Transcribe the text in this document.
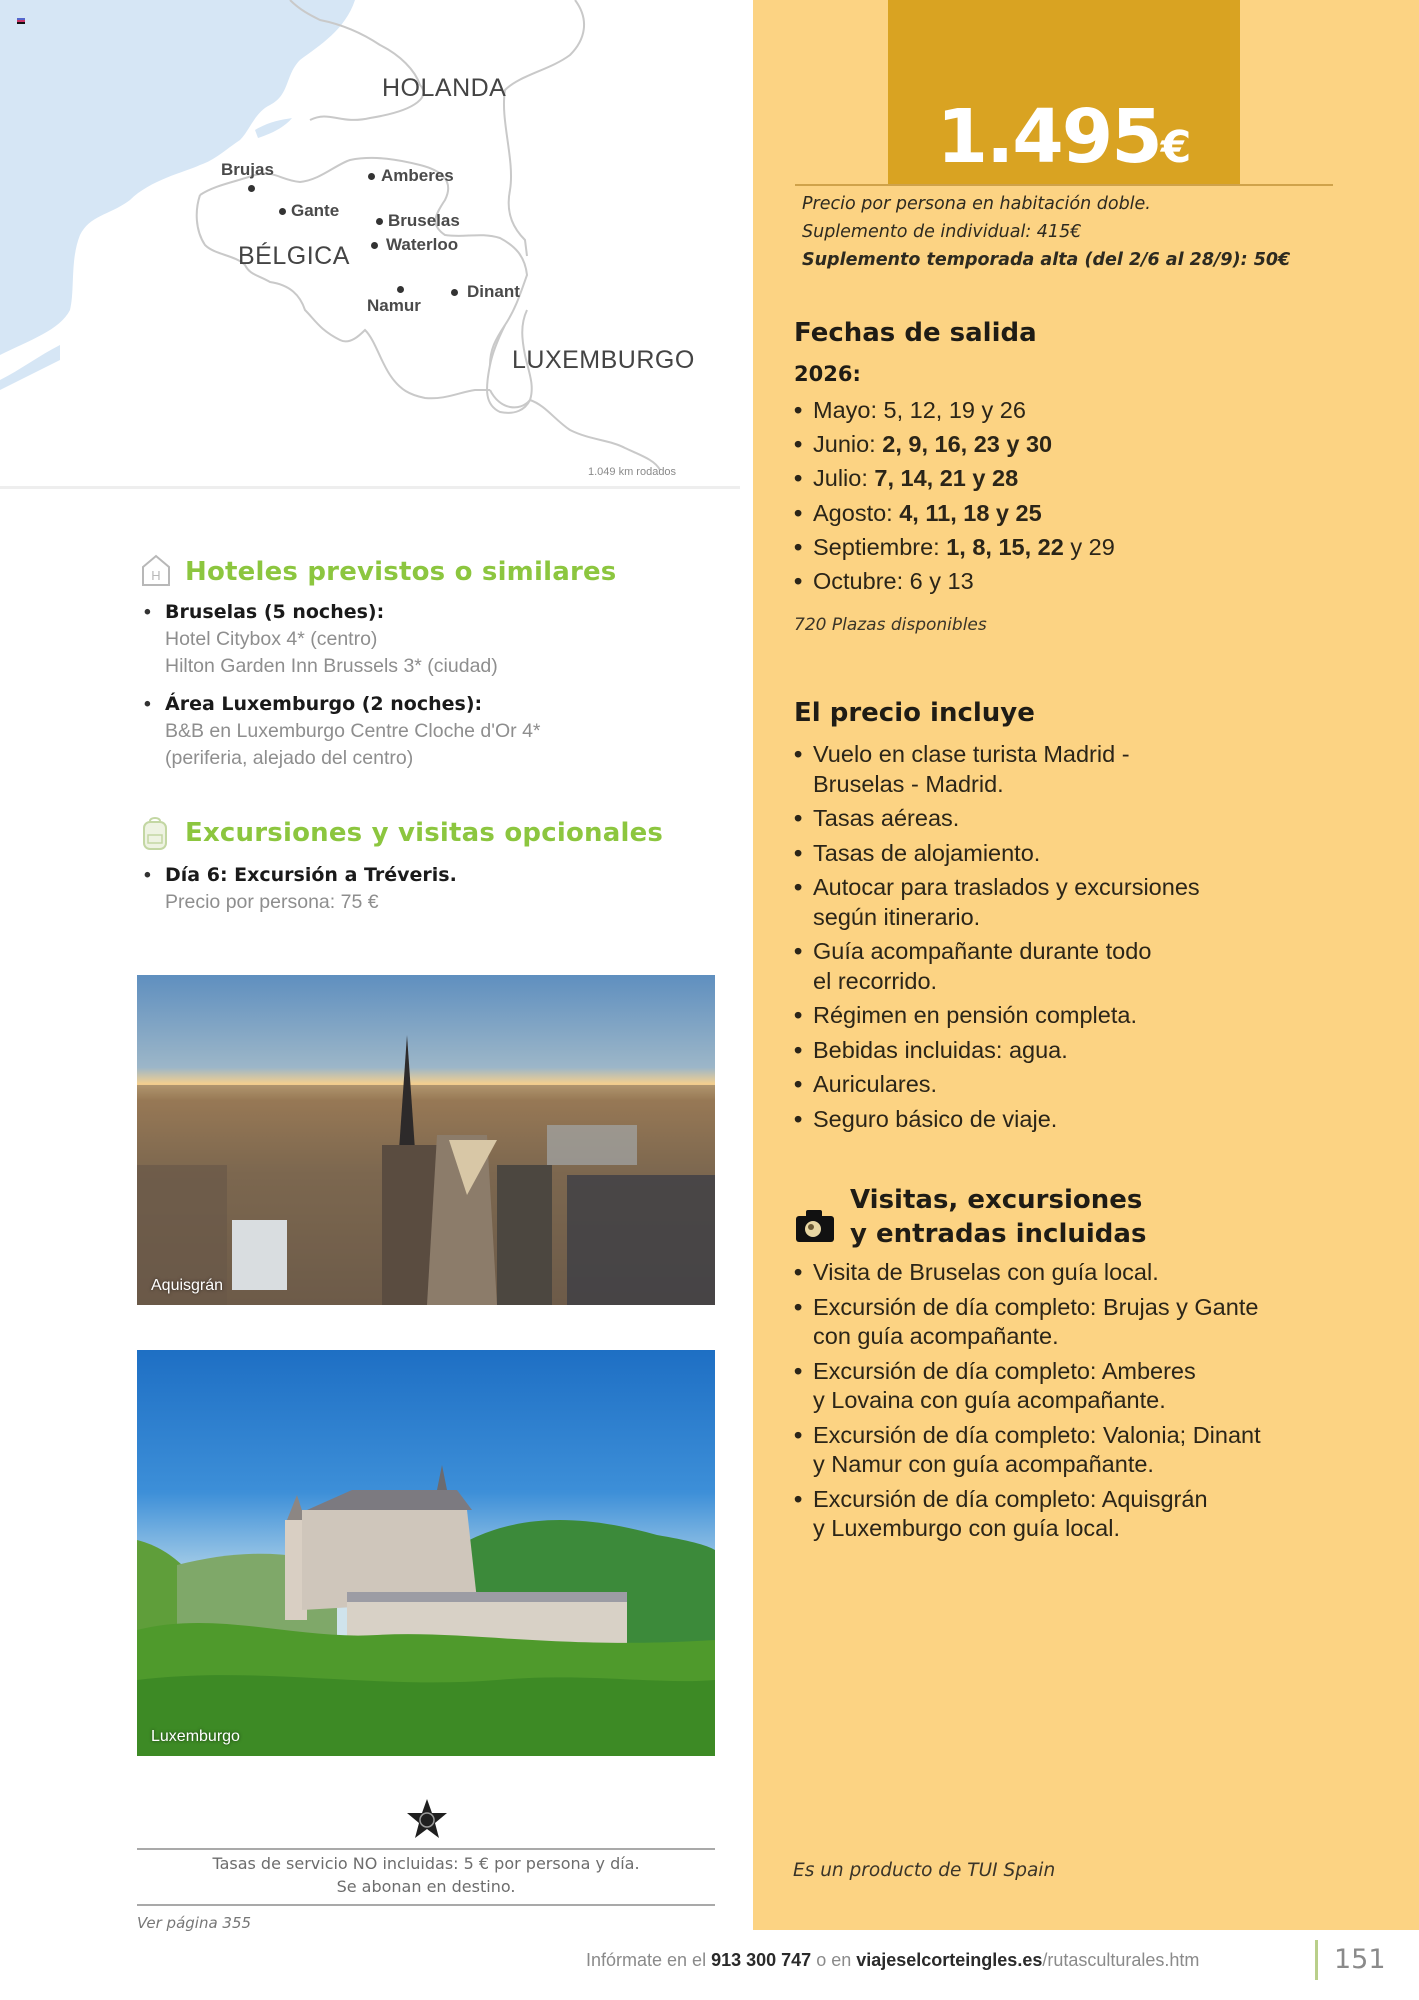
HOLANDA
BÉLGICA
LUXEMBURGO
Brujas	Amberes
Gante
Bruselas
Waterloo
Namur
Dinant
1.049 km rodados
H Hoteles previstos o similares
• Bruselas (5 noches):
Hotel Citybox 4* (centro)
Hilton Garden Inn Brussels 3* (ciudad)
• Área Luxemburgo (2 noches):
B&B en Luxemburgo Centre Cloche d'Or 4*
(periferia, alejado del centro)
Excursiones y visitas opcionales
• Día 6: Excursión a Tréveris.
Precio por persona: 75 €
Aquisgrán
Luxemburgo
Tasas de servicio NO incluidas: 5 € por persona y día.
Se abonan en destino.
Ver página 355
1.495€
Precio por persona en habitación doble.
Suplemento de individual: 415€
Suplemento temporada alta (del 2/6 al 28/9): 50€
Fechas de salida
2026:
• Mayo: 5, 12, 19 y 26
• Junio: 2, 9, 16, 23 y 30
• Julio: 7, 14, 21 y 28
• Agosto: 4, 11, 18 y 25
• Septiembre: 1, 8, 15, 22 y 29
• Octubre: 6 y 13
720 Plazas disponibles
El precio incluye
• Vuelo en clase turista Madrid -
Bruselas - Madrid.
• Tasas aéreas.
• Tasas de alojamiento.
• Autocar para traslados y excursiones
según itinerario.
• Guía acompañante durante todo
el recorrido.
• Régimen en pensión completa.
• Bebidas incluidas: agua.
• Auriculares.
• Seguro básico de viaje.
Visitas, excursiones
y entradas incluidas
• Visita de Bruselas con guía local.
• Excursión de día completo: Brujas y Gante
con guía acompañante.
• Excursión de día completo: Amberes
y Lovaina con guía acompañante.
• Excursión de día completo: Valonia; Dinant
y Namur con guía acompañante.
• Excursión de día completo: Aquisgrán
y Luxemburgo con guía local.
Es un producto de TUI Spain
Infórmate en el 913 300 747 o en viajeselcorteingles.es/rutasculturales.htm	151
